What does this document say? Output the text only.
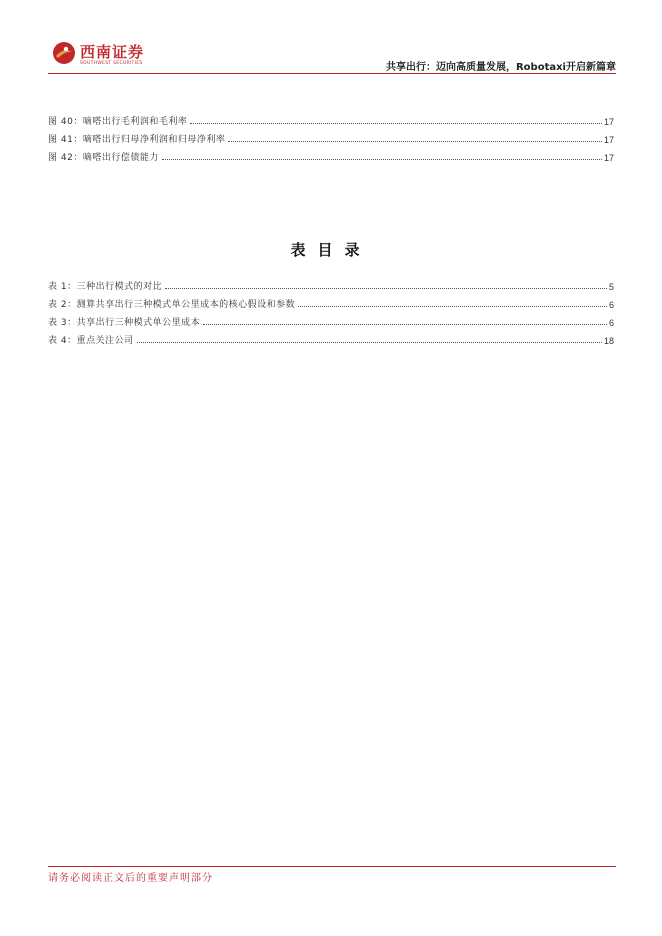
西南证券
SOUTHWEST SECURITIES	共享出行：迈向高质量发展，Robotaxi开启新篇章
图 40：嘀嗒出行毛利润和毛利率	17
图 41：嘀嗒出行归母净利润和归母净利率	17
图 42：嘀嗒出行偿债能力	17
表目录
表 1：三种出行模式的对比	5
表 2：测算共享出行三种模式单公里成本的核心假设和参数	6
表 3：共享出行三种模式单公里成本	6
表 4：重点关注公司	18
请务必阅读正文后的重要声明部分
